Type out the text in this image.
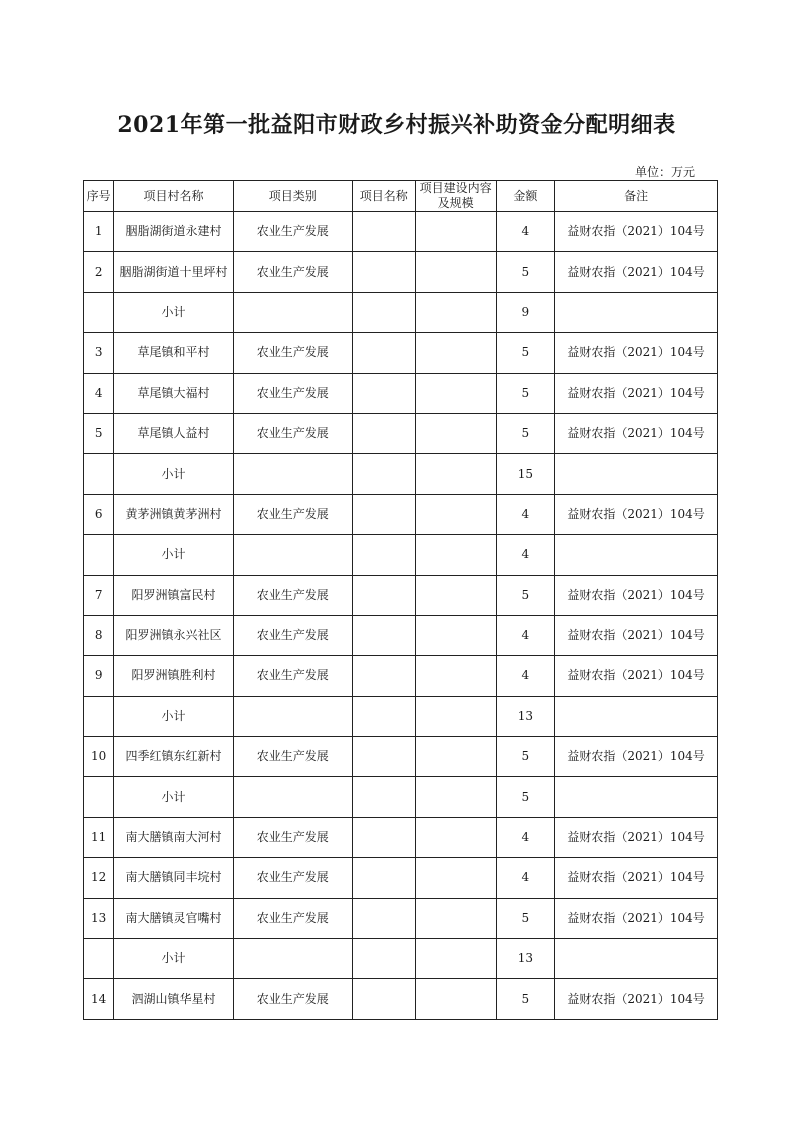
2021年第一批益阳市财政乡村振兴补助资金分配明细表
单位：万元
序号	项目村名称	项目类别	项目名称	项目建设内容及规模	金额	备注
1	胭脂湖街道永建村	农业生产发展			4	益财农指（2021）104号
2	胭脂湖街道十里坪村	农业生产发展			5	益财农指（2021）104号
	小计				9	
3	草尾镇和平村	农业生产发展			5	益财农指（2021）104号
4	草尾镇大福村	农业生产发展			5	益财农指（2021）104号
5	草尾镇人益村	农业生产发展			5	益财农指（2021）104号
	小计				15	
6	黄茅洲镇黄茅洲村	农业生产发展			4	益财农指（2021）104号
	小计				4	
7	阳罗洲镇富民村	农业生产发展			5	益财农指（2021）104号
8	阳罗洲镇永兴社区	农业生产发展			4	益财农指（2021）104号
9	阳罗洲镇胜利村	农业生产发展			4	益财农指（2021）104号
	小计				13	
10	四季红镇东红新村	农业生产发展			5	益财农指（2021）104号
	小计				5	
11	南大膳镇南大河村	农业生产发展			4	益财农指（2021）104号
12	南大膳镇同丰垸村	农业生产发展			4	益财农指（2021）104号
13	南大膳镇灵官嘴村	农业生产发展			5	益财农指（2021）104号
	小计				13	
14	泗湖山镇华星村	农业生产发展			5	益财农指（2021）104号
